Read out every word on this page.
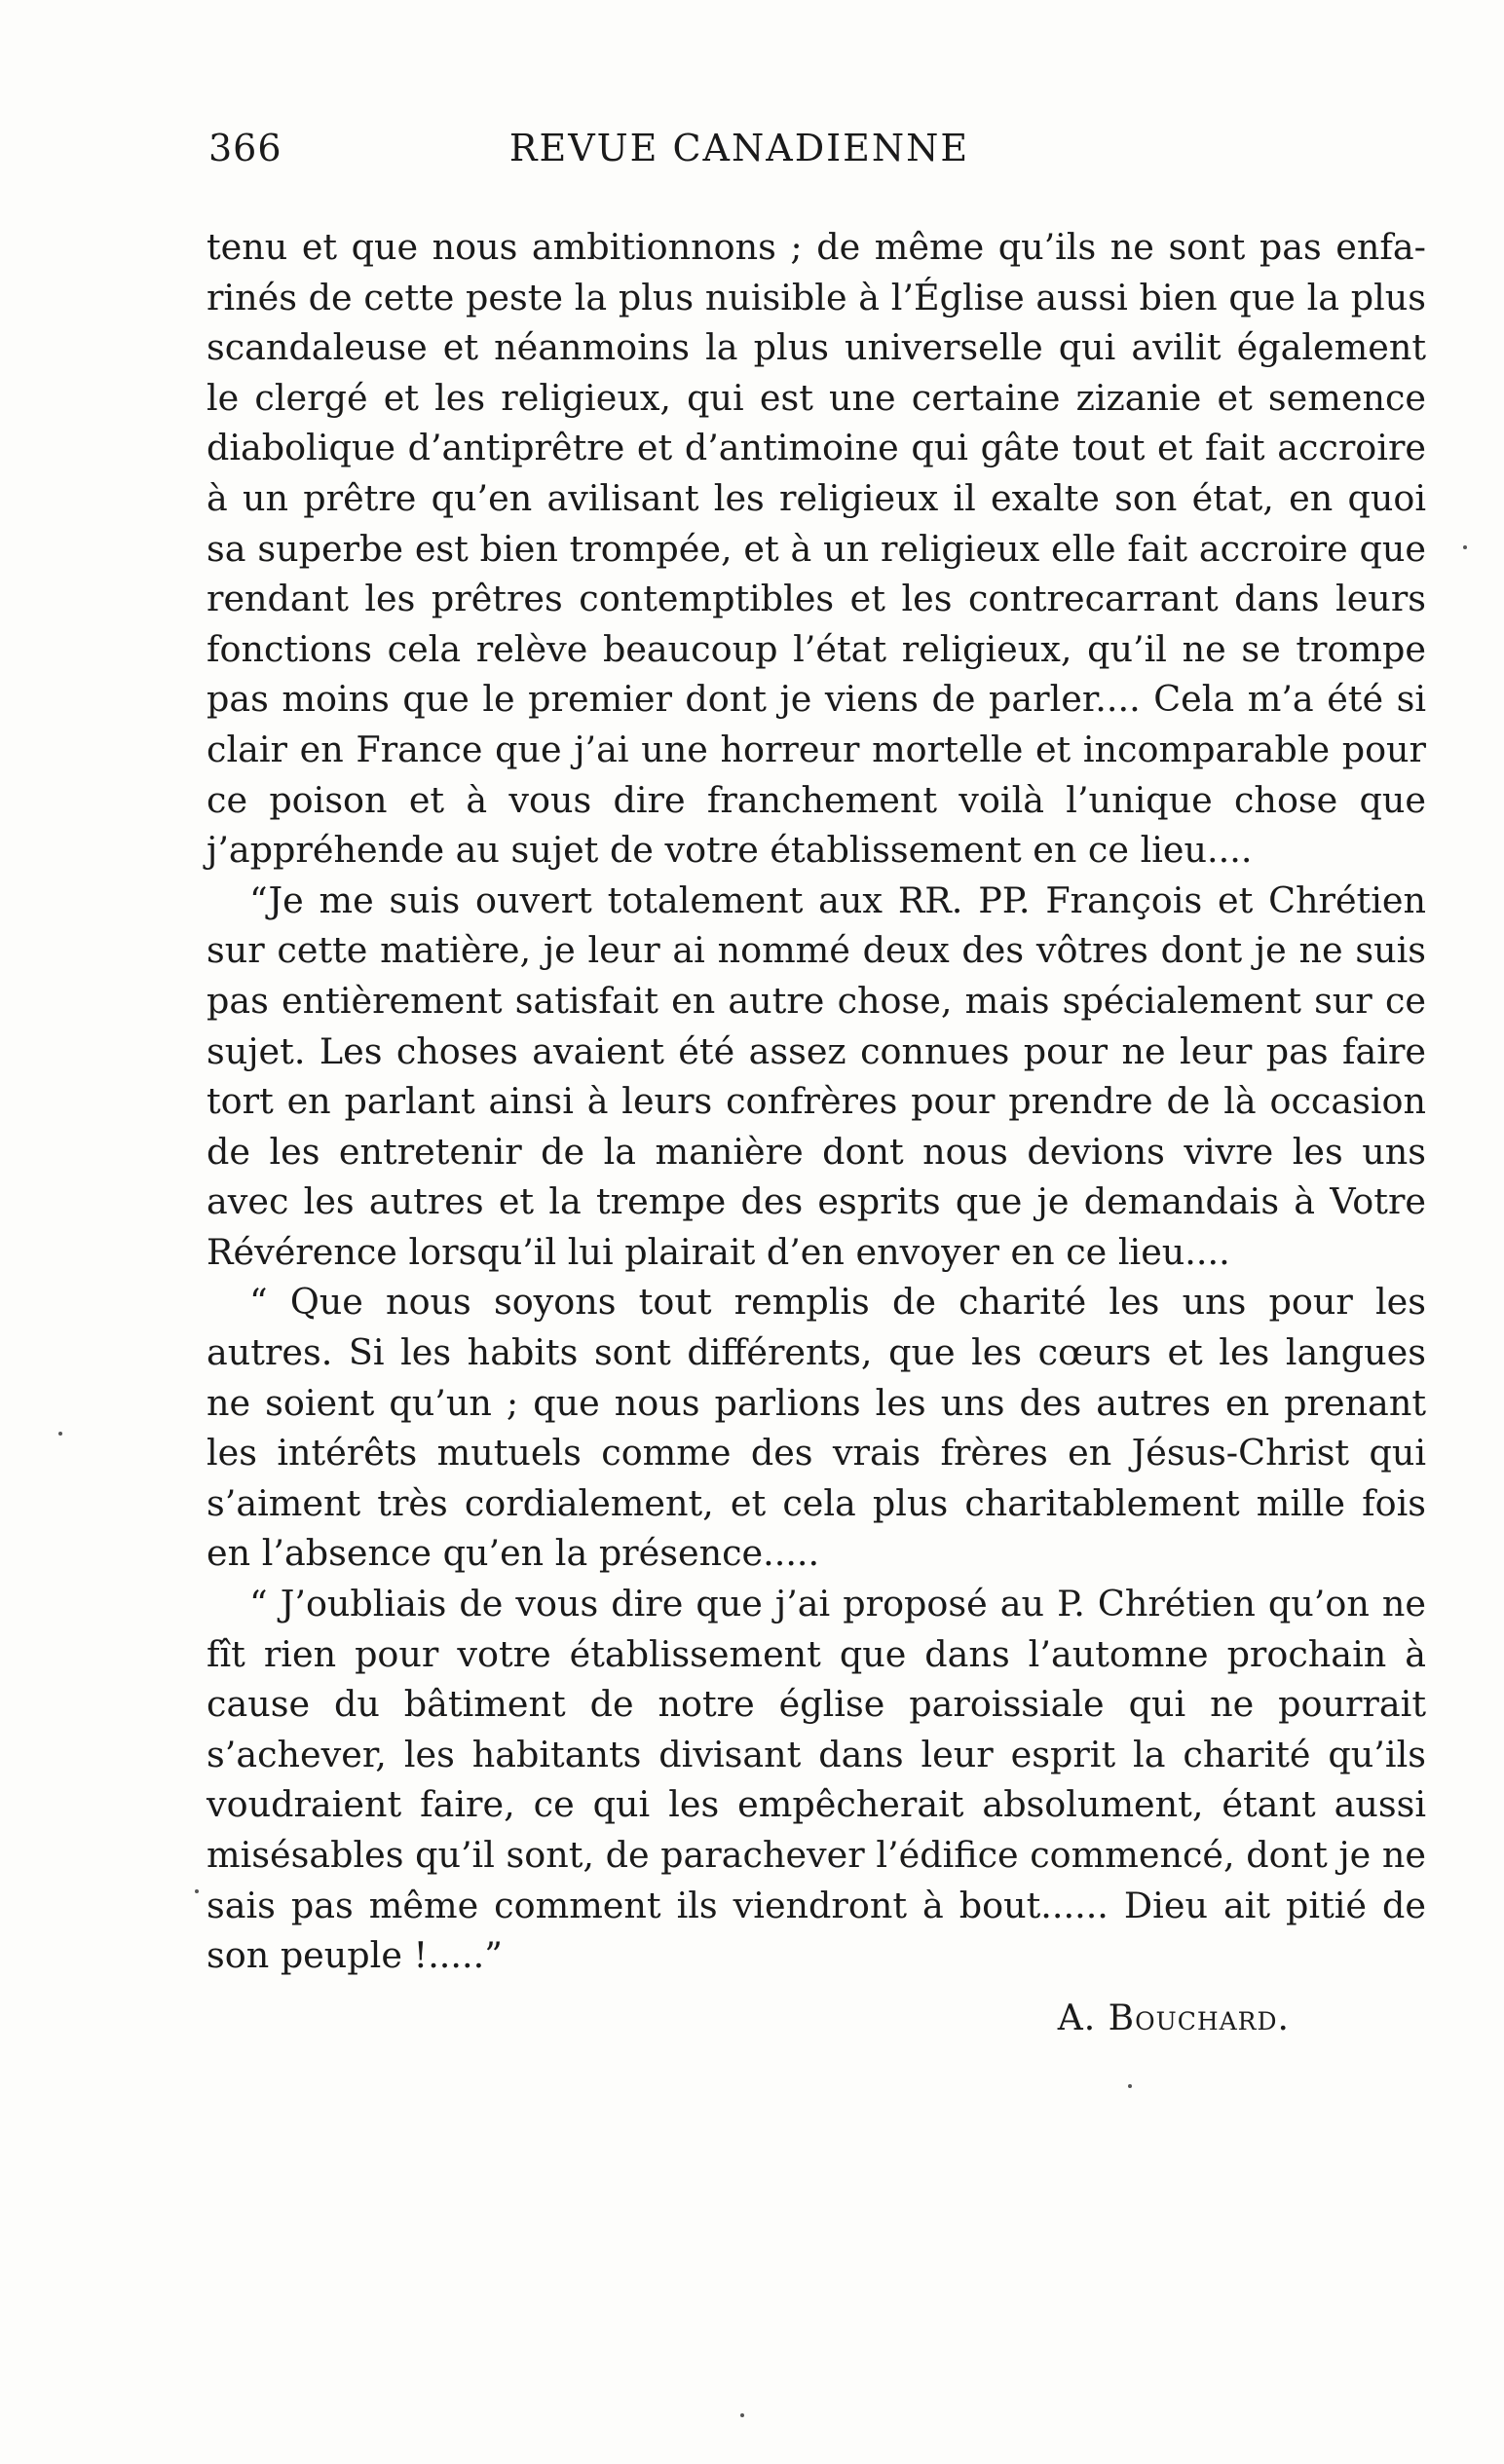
366	REVUE CANADIENNE

tenu et que nous ambitionnons ; de même qu’ils ne sont pas enfarinés de cette peste la plus nuisible à l’Église aussi bien que la plus scandaleuse et néanmoins la plus universelle qui avilit également le clergé et les religieux, qui est une certaine zizanie et semence diabolique d’antiprêtre et d’antimoine qui gâte tout et fait accroire à un prêtre qu’en avilisant les religieux il exalte son état, en quoi sa superbe est bien trompée, et à un religieux elle fait accroire que rendant les prêtres contemptibles et les contrecarrant dans leurs fonctions cela relève beaucoup l’état religieux, qu’il ne se trompe pas moins que le premier dont je viens de parler.... Cela m’a été si clair en France que j’ai une horreur mortelle et incomparable pour ce poison et à vous dire franchement voilà l’unique chose que j’appréhende au sujet de votre établissement en ce lieu....

“Je me suis ouvert totalement aux RR. PP. François et Chrétien sur cette matière, je leur ai nommé deux des vôtres dont je ne suis pas entièrement satisfait en autre chose, mais spécialement sur ce sujet. Les choses avaient été assez connues pour ne leur pas faire tort en parlant ainsi à leurs confrères pour prendre de là occasion de les entretenir de la manière dont nous devions vivre les uns avec les autres et la trempe des esprits que je demandais à Votre Révérence lorsqu’il lui plairait d’en envoyer en ce lieu....

“ Que nous soyons tout remplis de charité les uns pour les autres. Si les habits sont différents, que les cœurs et les langues ne soient qu’un ; que nous parlions les uns des autres en prenant les intérêts mutuels comme des vrais frères en Jésus-Christ qui s’aiment très cordialement, et cela plus charitablement mille fois en l’absence qu’en la présence.....

“ J’oubliais de vous dire que j’ai proposé au P. Chrétien qu’on ne fît rien pour votre établissement que dans l’automne prochain à cause du bâtiment de notre église paroissiale qui ne pourrait s’achever, les habitants divisant dans leur esprit la charité qu’ils voudraient faire, ce qui les empêcherait absolument, étant aussi misésables qu’il sont, de parachever l’édifice commencé, dont je ne sais pas même comment ils viendront à bout...... Dieu ait pitié de son peuple !.....”

A. Bouchard.
